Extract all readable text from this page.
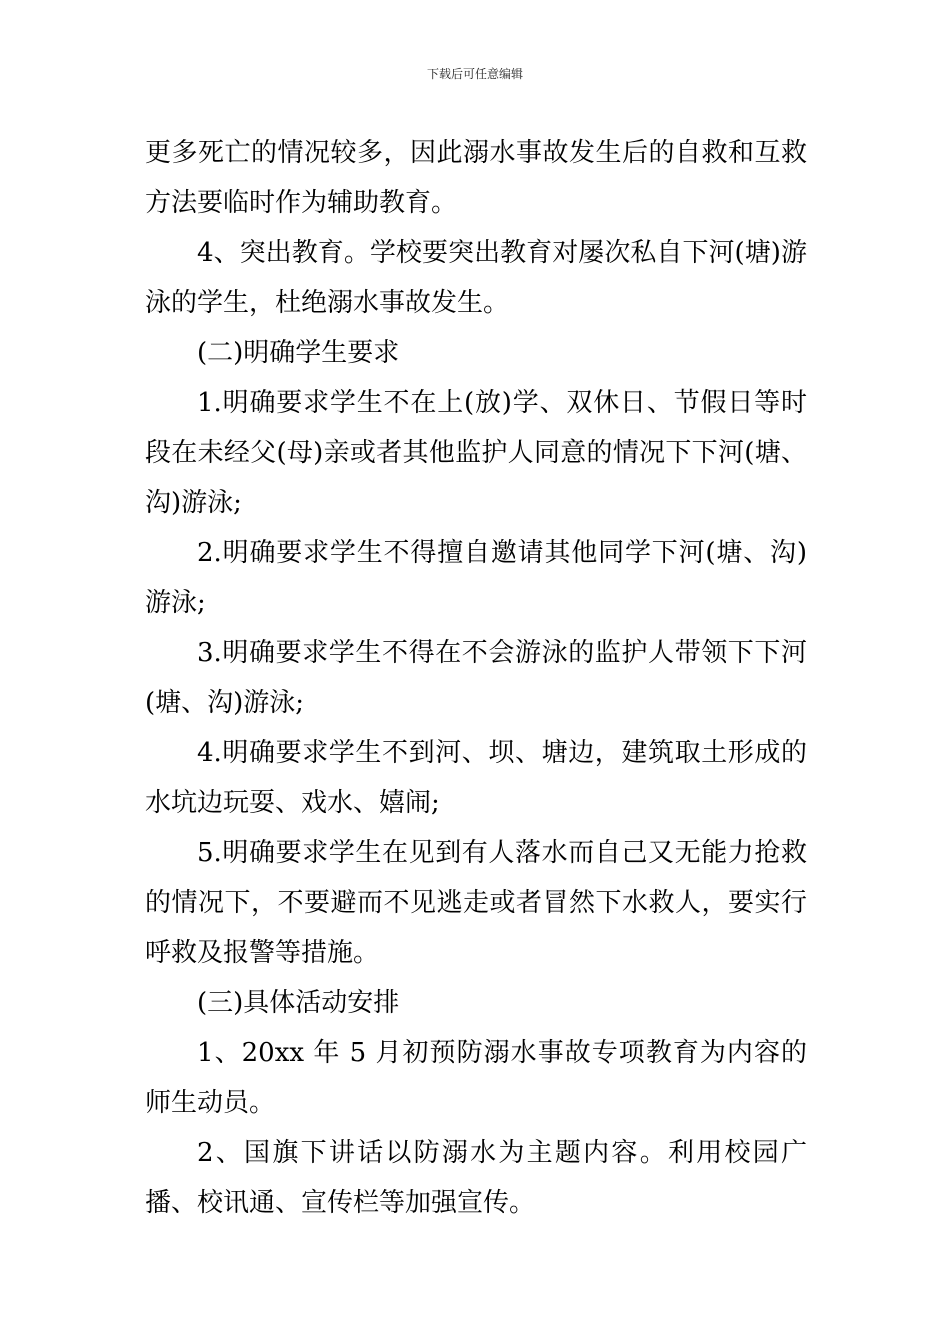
下载后可任意编辑

更多死亡的情况较多，因此溺水事故发生后的自救和互救方法要临时作为辅助教育。

4、突出教育。学校要突出教育对屡次私自下河(塘)游泳的学生，杜绝溺水事故发生。

(二)明确学生要求

1.明确要求学生不在上(放)学、双休日、节假日等时段在未经父(母)亲或者其他监护人同意的情况下下河(塘、沟)游泳;

2.明确要求学生不得擅自邀请其他同学下河(塘、沟)游泳;

3.明确要求学生不得在不会游泳的监护人带领下下河(塘、沟)游泳;

4.明确要求学生不到河、坝、塘边，建筑取土形成的水坑边玩耍、戏水、嬉闹;

5.明确要求学生在见到有人落水而自己又无能力抢救的情况下，不要避而不见逃走或者冒然下水救人，要实行呼救及报警等措施。

(三)具体活动安排

1、20xx 年 5 月初预防溺水事故专项教育为内容的师生动员。

2、国旗下讲话以防溺水为主题内容。利用校园广播、校讯通、宣传栏等加强宣传。
